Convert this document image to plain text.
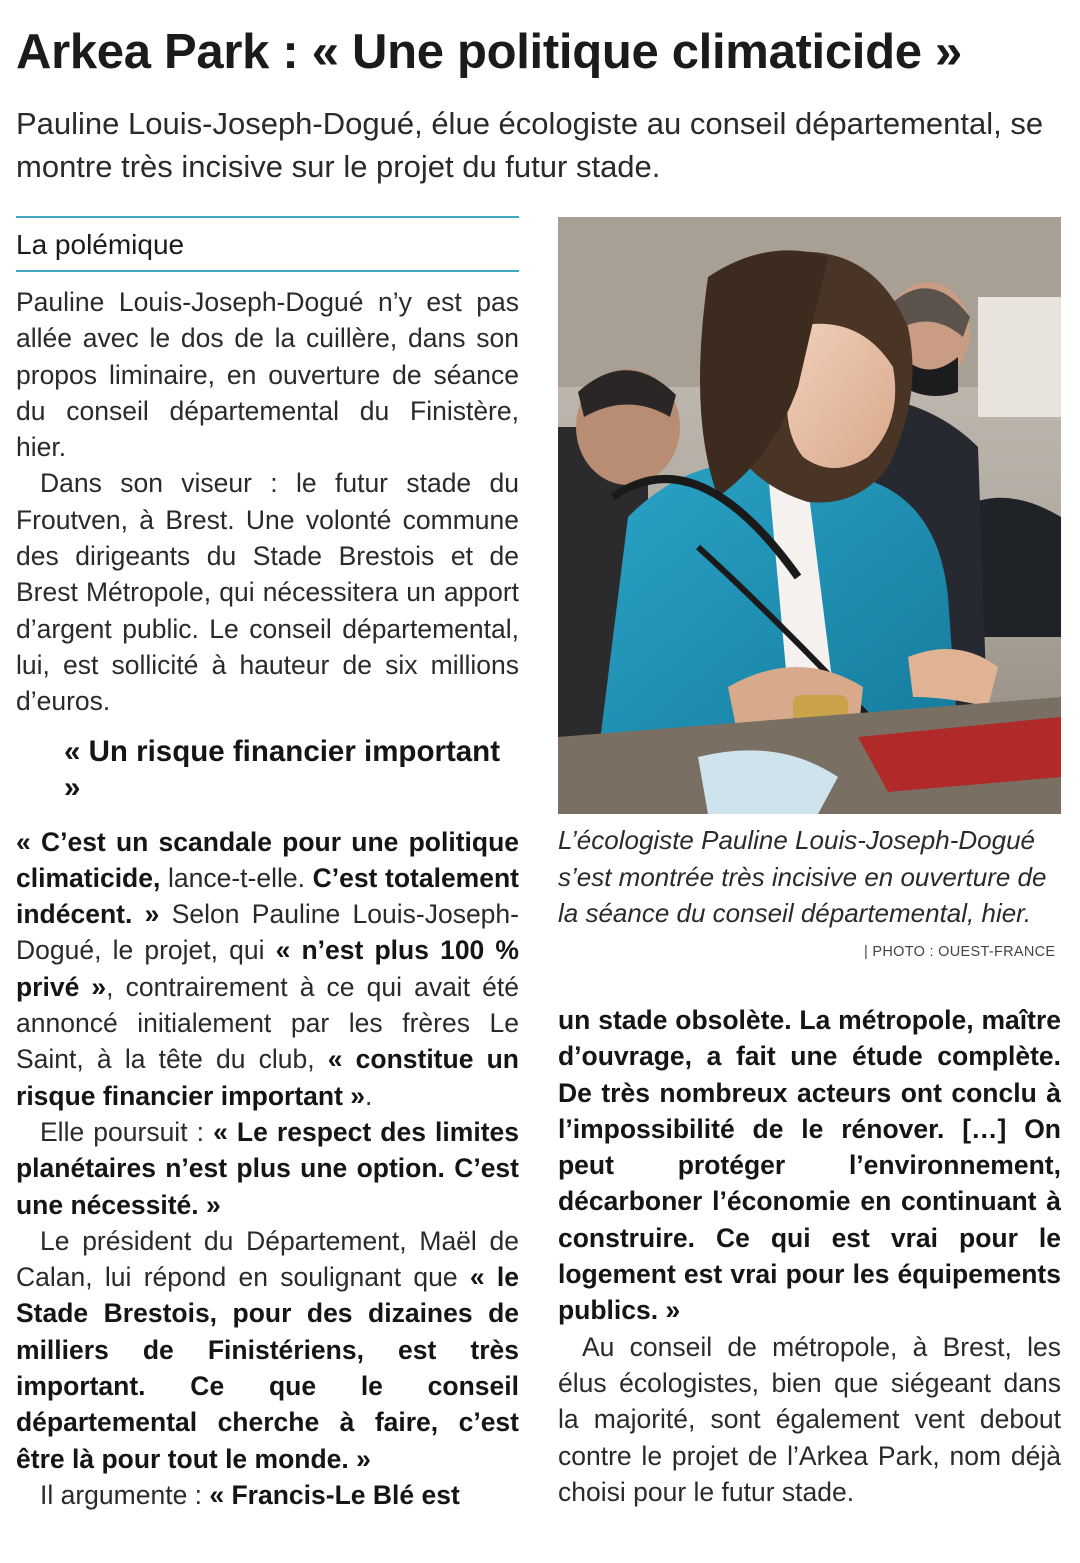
Arkea Park : « Une politique climaticide »

Pauline Louis-Joseph-Dogué, élue écologiste au conseil départemental, se montre très incisive sur le projet du futur stade.

La polémique

Pauline Louis-Joseph-Dogué n’y est pas allée avec le dos de la cuillère, dans son propos liminaire, en ouverture de séance du conseil départemental du Finistère, hier.

Dans son viseur : le futur stade du Froutven, à Brest. Une volonté commune des dirigeants du Stade Brestois et de Brest Métropole, qui nécessitera un apport d’argent public. Le conseil départemental, lui, est sollicité à hauteur de six millions d’euros.

« Un risque financier important »

« C’est un scandale pour une politique climaticide, lance-t-elle. C’est totalement indécent. » Selon Pauline Louis-Joseph-Dogué, le projet, qui « n’est plus 100 % privé », contrairement à ce qui avait été annoncé initialement par les frères Le Saint, à la tête du club, « constitue un risque financier important ».

Elle poursuit : « Le respect des limites planétaires n’est plus une option. C’est une nécessité. »

Le président du Département, Maël de Calan, lui répond en soulignant que « le Stade Brestois, pour des dizaines de milliers de Finistériens, est très important. Ce que le conseil départemental cherche à faire, c’est être là pour tout le monde. »

Il argumente : « Francis-Le Blé est

L’écologiste Pauline Louis-Joseph-Dogué s’est montrée très incisive en ouverture de la séance du conseil départemental, hier.

| PHOTO : OUEST-FRANCE

un stade obsolète. La métropole, maître d’ouvrage, a fait une étude complète. De très nombreux acteurs ont conclu à l’impossibilité de le rénover. […] On peut protéger l’environnement, décarboner l’économie en continuant à construire. Ce qui est vrai pour le logement est vrai pour les équipements publics. »

Au conseil de métropole, à Brest, les élus écologistes, bien que siégeant dans la majorité, sont également vent debout contre le projet de l’Arkea Park, nom déjà choisi pour le futur stade.
